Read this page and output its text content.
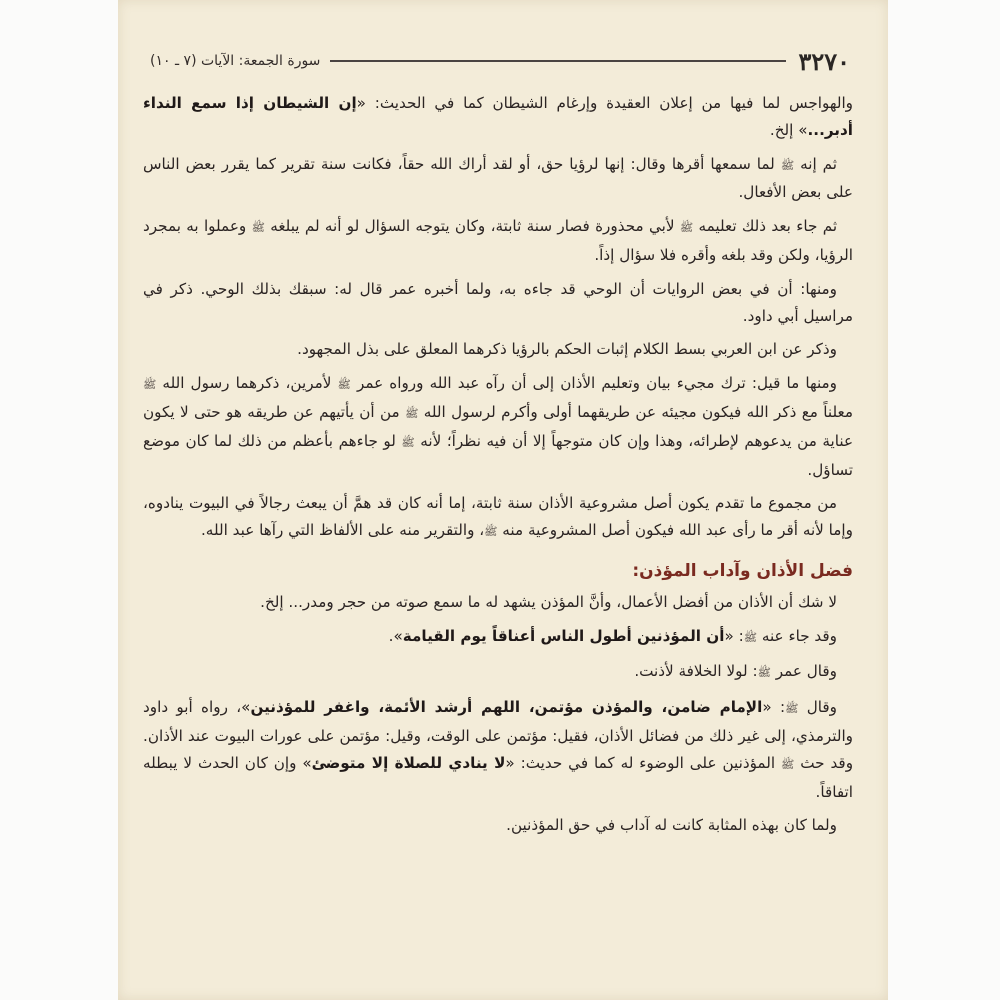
٣٢٧٠
سورة الجمعة: الآيات (٧ ـ ١٠)

والهواجس لما فيها من إعلان العقيدة وإرغام الشيطان كما في الحديث: «إن الشيطان إذا سمع النداء أدبر...» إلخ.

ثم إنه ﷺ لما سمعها أقرها وقال: إنها لرؤيا حق، أو لقد أراك الله حقاً، فكانت سنة تقرير كما يقرر بعض الناس على بعض الأفعال.

ثم جاء بعد ذلك تعليمه ﷺ لأبي محذورة فصار سنة ثابتة، وكان يتوجه السؤال لو أنه لم يبلغه ﷺ وعملوا به بمجرد الرؤيا، ولكن وقد بلغه وأقره فلا سؤال إذاً.

ومنها: أن في بعض الروايات أن الوحي قد جاءه به، ولما أخبره عمر قال له: سبقك بذلك الوحي. ذكر في مراسيل أبي داود.

وذكر عن ابن العربي بسط الكلام إثبات الحكم بالرؤيا ذكرهما المعلق على بذل المجهود.

ومنها ما قيل: ترك مجيء بيان وتعليم الأذان إلى أن رآه عبد الله ورواه عمر ﷺ لأمرين، ذكرهما رسول الله ﷺ معلناً مع ذكر الله فيكون مجيئه عن طريقهما أولى وأكرم لرسول الله ﷺ من أن يأتيهم عن طريقه هو حتى لا يكون عناية من يدعوهم لإطرائه، وهذا وإن كان متوجهاً إلا أن فيه نظراً؛ لأنه ﷺ لو جاءهم بأعظم من ذلك لما كان موضع تساؤل.

من مجموع ما تقدم يكون أصل مشروعية الأذان سنة ثابتة، إما أنه كان قد همَّ أن يبعث رجالاً في البيوت ينادوه، وإما لأنه أقر ما رأى عبد الله فيكون أصل المشروعية منه ﷺ، والتقرير منه على الألفاظ التي رآها عبد الله.

فضل الأذان وآداب المؤذن:

لا شك أن الأذان من أفضل الأعمال، وأنَّ المؤذن يشهد له ما سمع صوته من حجر ومدر... إلخ.

وقد جاء عنه ﷺ: «أن المؤذنين أطول الناس أعناقاً يوم القيامة».

وقال عمر ﷺ: لولا الخلافة لأذنت.

وقال ﷺ: «الإمام ضامن، والمؤذن مؤتمن، اللهم أرشد الأئمة، واغفر للمؤذنين»، رواه أبو داود والترمذي، إلى غير ذلك من فضائل الأذان، فقيل: مؤتمن على الوقت، وقيل: مؤتمن على عورات البيوت عند الأذان. وقد حث ﷺ المؤذنين على الوضوء له كما في حديث: «لا ينادي للصلاة إلا متوضئ» وإن كان الحدث لا يبطله اتفاقاً.

ولما كان بهذه المثابة كانت له آداب في حق المؤذنين.
